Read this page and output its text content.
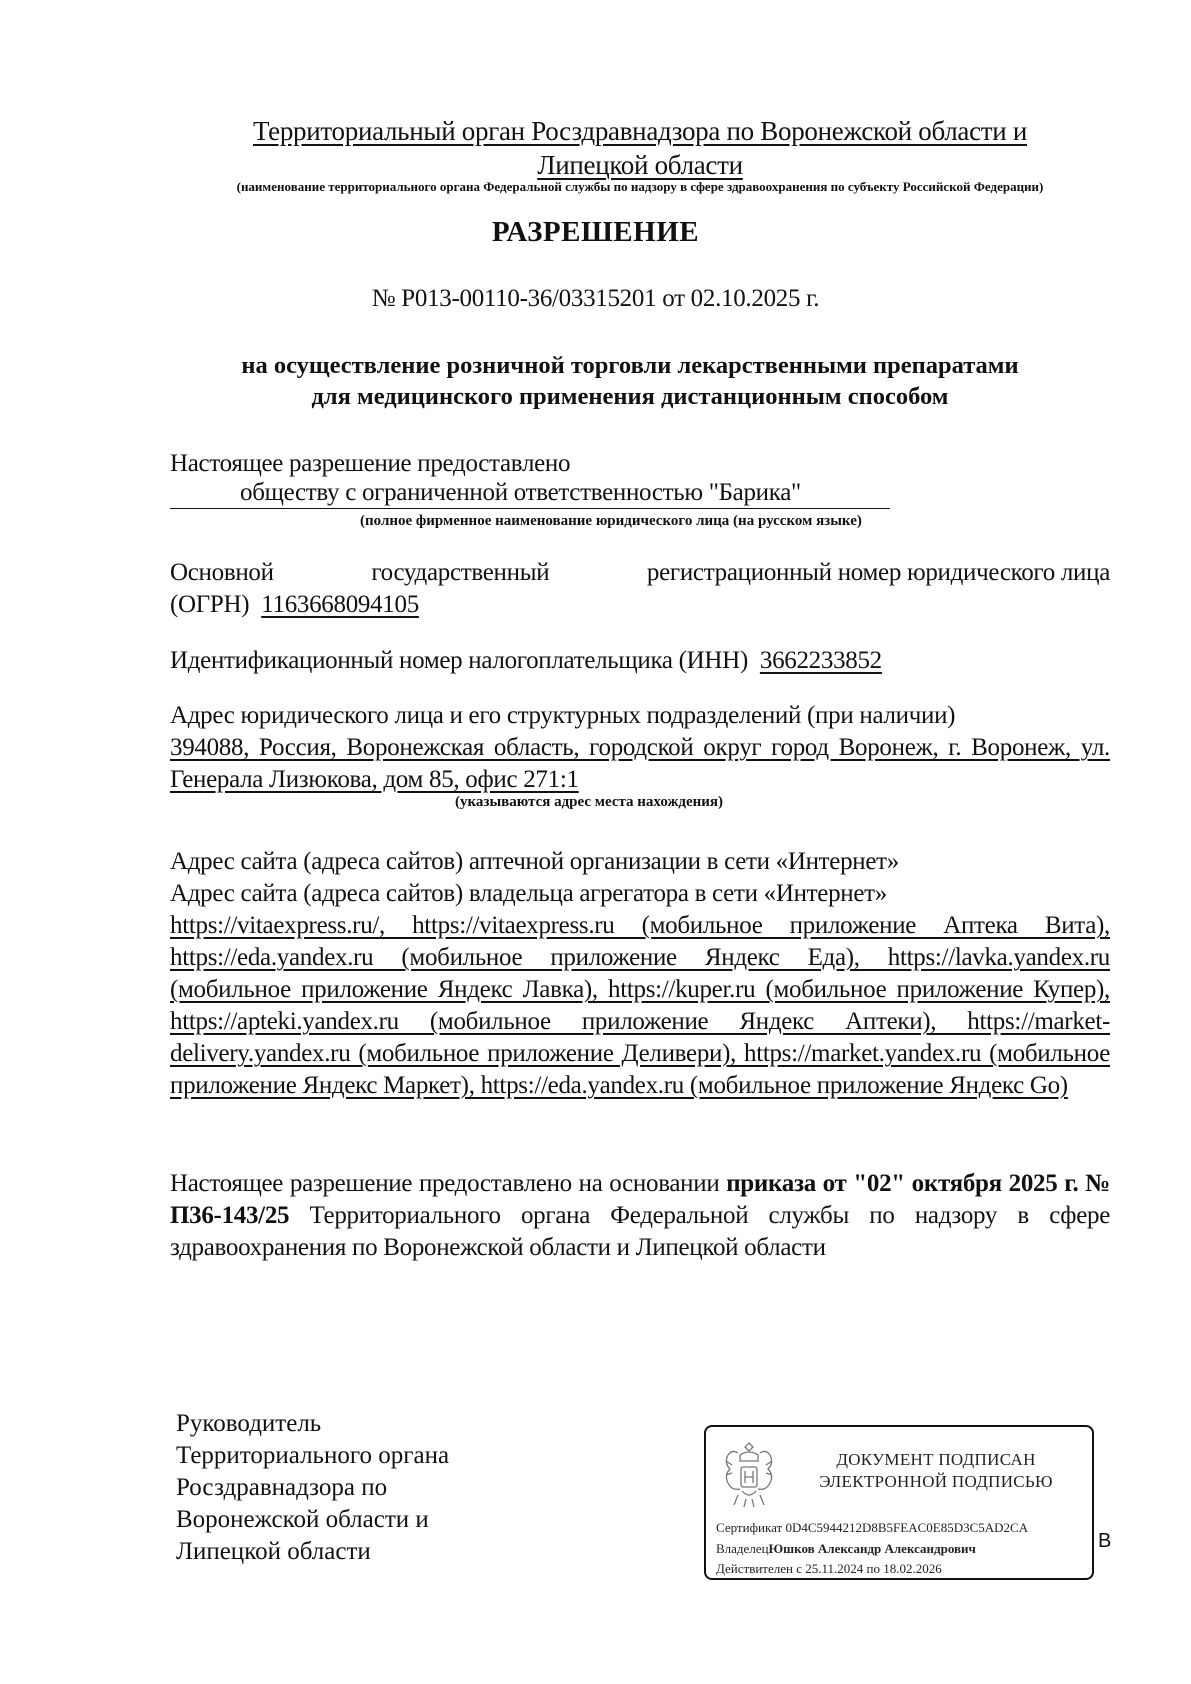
Территориальный орган Росздравнадзора по Воронежской области и Липецкой области
(наименование территориального органа Федеральной службы по надзору в сфере здравоохранения по субъекту Российской Федерации)
РАЗРЕШЕНИЕ
№ Р013-00110-36/03315201 от 02.10.2025 г.
на осуществление розничной торговли лекарственными препаратами
для медицинского применения дистанционным способом
Настоящее разрешение предоставлено
обществу с ограниченной ответственностью "Барика"
(полное фирменное наименование юридического лица (на русском языке)
Основной	государственный	регистрационный номер юридического лица
(ОГРН) 1163668094105
Идентификационный номер налогоплательщика (ИНН) 3662233852
Адрес юридического лица и его структурных подразделений (при наличии)
394088, Россия, Воронежская область, городской округ город Воронеж, г. Воронеж, ул. Генерала Лизюкова, дом 85, офис 271:1
(указываются адрес места нахождения)
Адрес сайта (адреса сайтов) аптечной организации в сети «Интернет»
Адрес сайта (адреса сайтов) владельца агрегатора в сети «Интернет»
https://vitaexpress.ru/, https://vitaexpress.ru (мобильное приложение Аптека Вита), https://eda.yandex.ru (мобильное приложение Яндекс Еда), https://lavka.yandex.ru (мобильное приложение Яндекс Лавка), https://kuper.ru (мобильное приложение Купер), https://apteki.yandex.ru (мобильное приложение Яндекс Аптеки), https://market-delivery.yandex.ru (мобильное приложение Деливери), https://market.yandex.ru (мобильное приложение Яндекс Маркет), https://eda.yandex.ru (мобильное приложение Яндекс Go)
Настоящее разрешение предоставлено на основании приказа от "02" октября 2025 г. № П36-143/25 Территориального органа Федеральной службы по надзору в сфере здравоохранения по Воронежской области и Липецкой области
Руководитель
Территориального органа
Росздравнадзора по
Воронежской области и
Липецкой области
ДОКУМЕНТ ПОДПИСАН
ЭЛЕКТРОННОЙ ПОДПИСЬЮ
Сертификат 0D4C5944212D8B5FEAC0E85D3C5AD2CA
ВладелецЮшков Александр Александрович
Действителен с 25.11.2024 по 18.02.2026
В
